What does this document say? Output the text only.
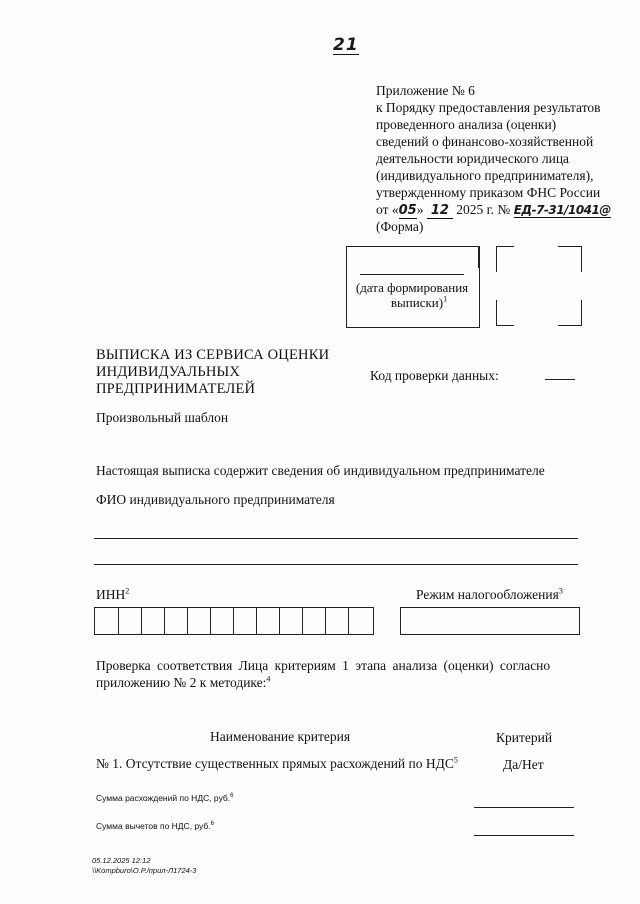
21
Приложение № 6
к Порядку предоставления результатов
проведенного анализа (оценки)
сведений о финансово-хозяйственной
деятельности юридического лица
(индивидуального предпринимателя),
утвержденному приказом ФНС России
от «05» 12 2025 г. № ЕД-7-31/1041@
(Форма)
(дата формирования
выписки)$^1$
ВЫПИСКА ИЗ СЕРВИСА ОЦЕНКИ
ИНДИВИДУАЛЬНЫХ
ПРЕДПРИНИМАТЕЛЕЙ
Код проверки данных:
Произвольный шаблон
Настоящая выписка содержит сведения об индивидуальном предпринимателе
ФИО индивидуального предпринимателя
ИНН$^2$	Режим налогообложения$^3$
Проверка соответствия Лица критериям 1 этапа анализа (оценки) согласно
приложению № 2 к методике:$^4$
Наименование критерия	Критерий
№ 1. Отсутствие существенных прямых расхождений по НДС$^5$	Да/Нет
Сумма расхождений по НДС, руб.$^6$
Сумма вычетов по НДС, руб.$^6$
05.12.2025 12:12
\\Kompburo\О.Р./прил-Л1724-3
